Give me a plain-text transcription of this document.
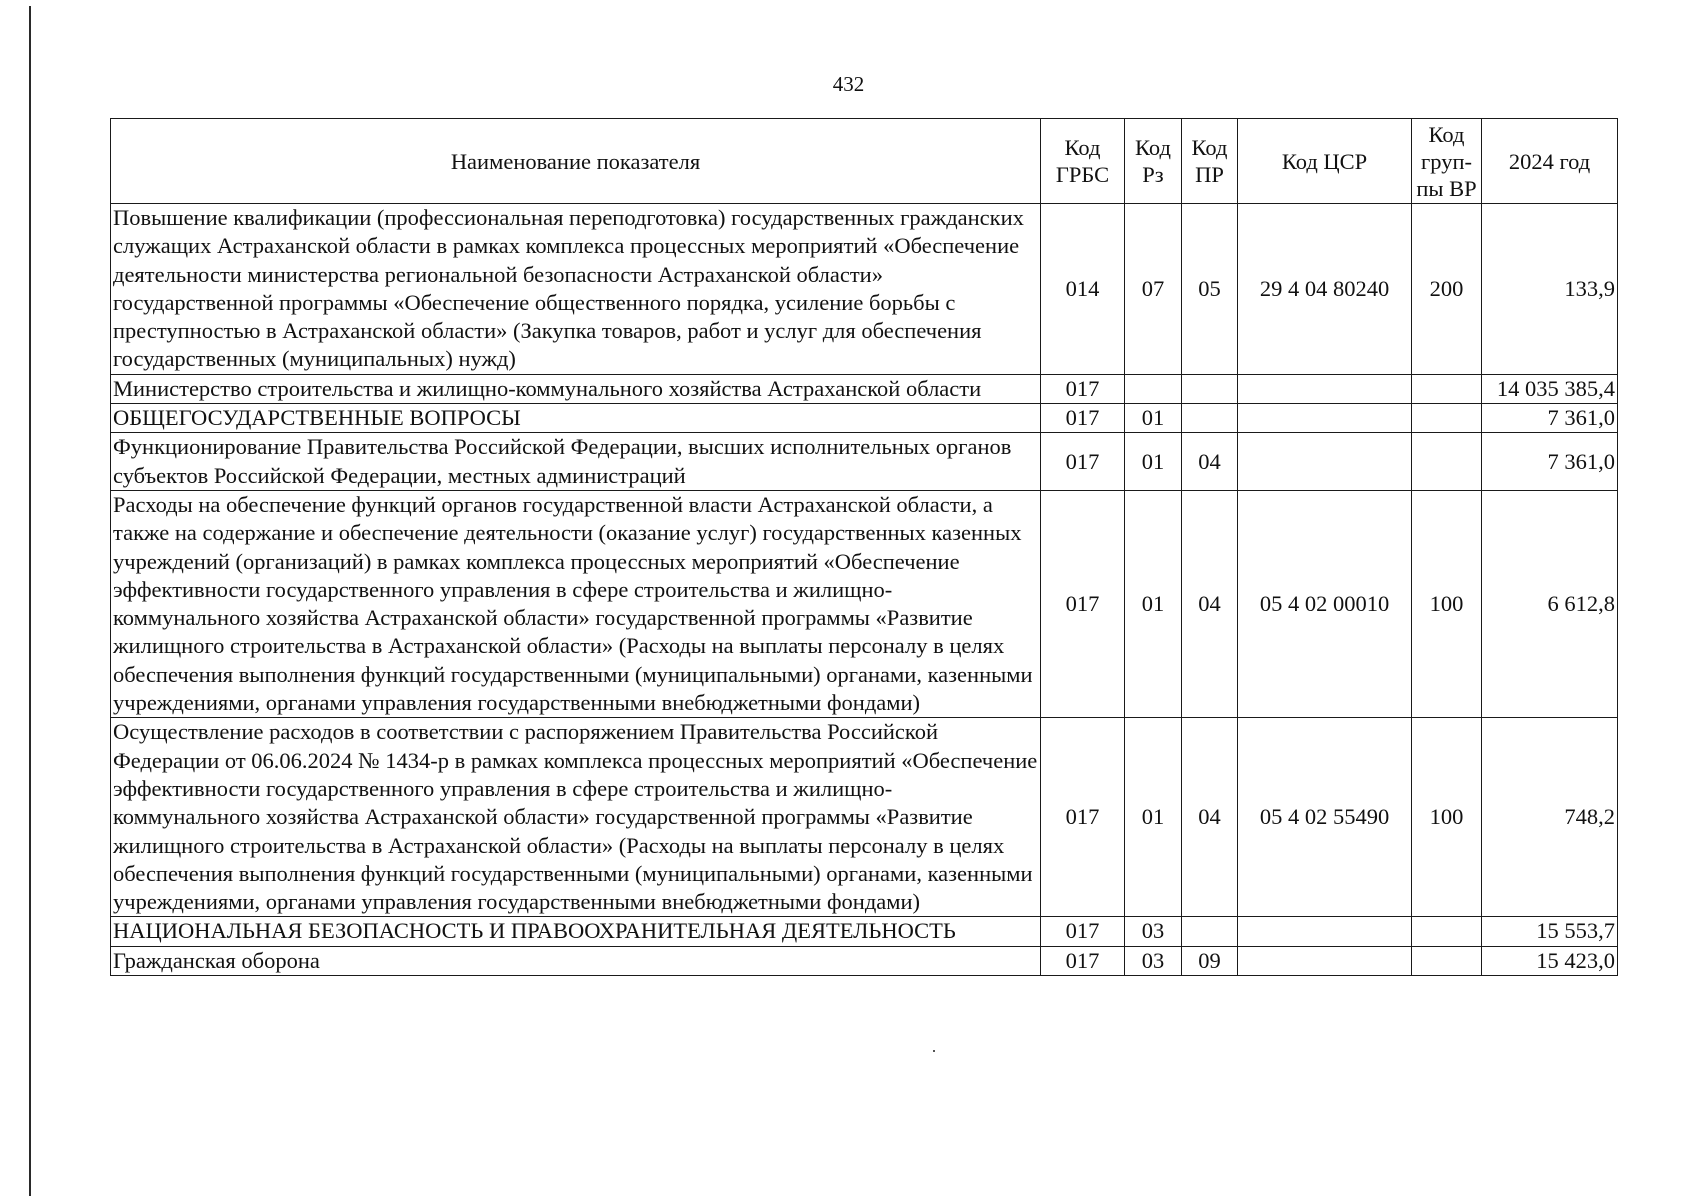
432
Наименование показателя	Код ГРБС	Код Рз	Код ПР	Код ЦСР	Код груп-пы ВР	2024 год
Повышение квалификации (профессиональная переподготовка) государственных гражданских служащих Астраханской области в рамках комплекса процессных мероприятий «Обеспечение деятельности министерства региональной безопасности Астраханской области» государственной программы «Обеспечение общественного порядка, усиление борьбы с преступностью в Астраханской области» (Закупка товаров, работ и услуг для обеспечения государственных (муниципальных) нужд)	014	07	05	29 4 04 80240	200	133,9
Министерство строительства и жилищно-коммунального хозяйства Астраханской области	017					14 035 385,4
ОБЩЕГОСУДАРСТВЕННЫЕ ВОПРОСЫ	017	01				7 361,0
Функционирование Правительства Российской Федерации, высших исполнительных органов субъектов Российской Федерации, местных администраций	017	01	04			7 361,0
Расходы на обеспечение функций органов государственной власти Астраханской области, а также на содержание и обеспечение деятельности (оказание услуг) государственных казенных учреждений (организаций) в рамках комплекса процессных мероприятий «Обеспечение эффективности государственного управления в сфере строительства и жилищно-коммунального хозяйства Астраханской области» государственной программы «Развитие жилищного строительства в Астраханской области» (Расходы на выплаты персоналу в целях обеспечения выполнения функций государственными (муниципальными) органами, казенными учреждениями, органами управления государственными внебюджетными фондами)	017	01	04	05 4 02 00010	100	6 612,8
Осуществление расходов в соответствии с распоряжением Правительства Российской Федерации от 06.06.2024 № 1434-р в рамках комплекса процессных мероприятий «Обеспечение эффективности государственного управления в сфере строительства и жилищно-коммунального хозяйства Астраханской области» государственной программы «Развитие жилищного строительства в Астраханской области» (Расходы на выплаты персоналу в целях обеспечения выполнения функций государственными (муниципальными) органами, казенными учреждениями, органами управления государственными внебюджетными фондами)	017	01	04	05 4 02 55490	100	748,2
НАЦИОНАЛЬНАЯ БЕЗОПАСНОСТЬ И ПРАВООХРАНИТЕЛЬНАЯ ДЕЯТЕЛЬНОСТЬ	017	03				15 553,7
Гражданская оборона	017	03	09			15 423,0
